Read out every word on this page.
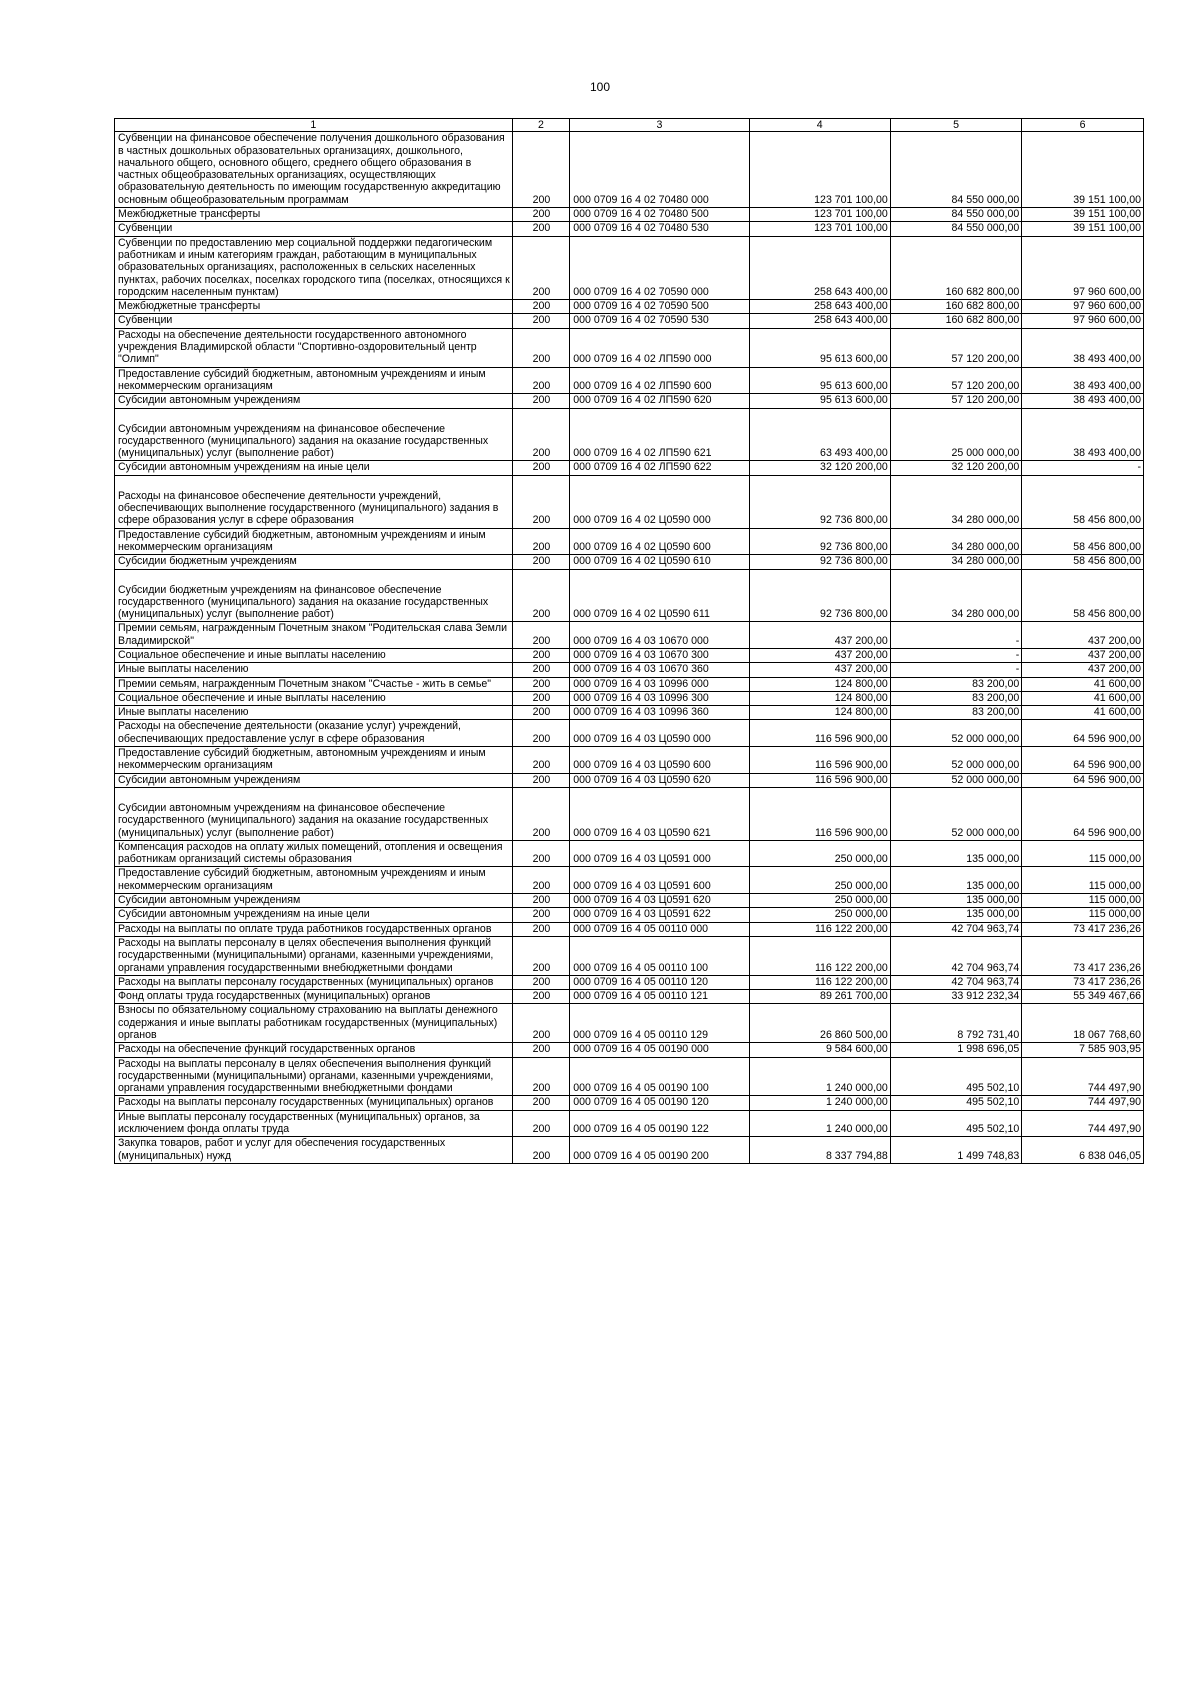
100
1	2	3	4	5	6
Субвенции на финансовое обеспечение получения дошкольного образования в частных дошкольных образовательных организациях, дошкольного, начального общего, основного общего, среднего общего образования в частных общеобразовательных организациях, осуществляющих образовательную деятельность по имеющим государственную аккредитацию основным общеобразовательным программам	200	000 0709 16 4 02 70480 000	123 701 100,00	84 550 000,00	39 151 100,00
Межбюджетные трансферты	200	000 0709 16 4 02 70480 500	123 701 100,00	84 550 000,00	39 151 100,00
Субвенции	200	000 0709 16 4 02 70480 530	123 701 100,00	84 550 000,00	39 151 100,00
Субвенции по предоставлению мер социальной поддержки педагогическим работникам и иным категориям граждан, работающим в муниципальных образовательных организациях, расположенных в сельских населенных пунктах, рабочих поселках, поселках городского типа (поселках, относящихся к городским населенным пунктам)	200	000 0709 16 4 02 70590 000	258 643 400,00	160 682 800,00	97 960 600,00
Межбюджетные трансферты	200	000 0709 16 4 02 70590 500	258 643 400,00	160 682 800,00	97 960 600,00
Субвенции	200	000 0709 16 4 02 70590 530	258 643 400,00	160 682 800,00	97 960 600,00
Расходы на обеспечение деятельности государственного автономного учреждения Владимирской области "Спортивно-оздоровительный центр "Олимп"	200	000 0709 16 4 02 ЛП590 000	95 613 600,00	57 120 200,00	38 493 400,00
Предоставление субсидий бюджетным, автономным учреждениям и иным некоммерческим организациям	200	000 0709 16 4 02 ЛП590 600	95 613 600,00	57 120 200,00	38 493 400,00
Субсидии автономным учреждениям	200	000 0709 16 4 02 ЛП590 620	95 613 600,00	57 120 200,00	38 493 400,00
Субсидии автономным учреждениям на финансовое обеспечение государственного (муниципального) задания на оказание государственных (муниципальных) услуг (выполнение работ)	200	000 0709 16 4 02 ЛП590 621	63 493 400,00	25 000 000,00	38 493 400,00
Субсидии автономным учреждениям на иные цели	200	000 0709 16 4 02 ЛП590 622	32 120 200,00	32 120 200,00	-
Расходы на финансовое обеспечение деятельности учреждений, обеспечивающих выполнение государственного (муниципального) задания в сфере образования услуг в сфере образования	200	000 0709 16 4 02 Ц0590 000	92 736 800,00	34 280 000,00	58 456 800,00
Предоставление субсидий бюджетным, автономным учреждениям и иным некоммерческим организациям	200	000 0709 16 4 02 Ц0590 600	92 736 800,00	34 280 000,00	58 456 800,00
Субсидии бюджетным учреждениям	200	000 0709 16 4 02 Ц0590 610	92 736 800,00	34 280 000,00	58 456 800,00
Субсидии бюджетным учреждениям на финансовое обеспечение государственного (муниципального) задания на оказание государственных (муниципальных) услуг (выполнение работ)	200	000 0709 16 4 02 Ц0590 611	92 736 800,00	34 280 000,00	58 456 800,00
Премии семьям, награжденным Почетным знаком "Родительская слава Земли Владимирской"	200	000 0709 16 4 03 10670 000	437 200,00	-	437 200,00
Социальное обеспечение и иные выплаты населению	200	000 0709 16 4 03 10670 300	437 200,00	-	437 200,00
Иные выплаты населению	200	000 0709 16 4 03 10670 360	437 200,00	-	437 200,00
Премии семьям, награжденным Почетным знаком "Счастье - жить в семье"	200	000 0709 16 4 03 10996 000	124 800,00	83 200,00	41 600,00
Социальное обеспечение и иные выплаты населению	200	000 0709 16 4 03 10996 300	124 800,00	83 200,00	41 600,00
Иные выплаты населению	200	000 0709 16 4 03 10996 360	124 800,00	83 200,00	41 600,00
Расходы на обеспечение деятельности (оказание услуг) учреждений, обеспечивающих предоставление услуг в сфере образования	200	000 0709 16 4 03 Ц0590 000	116 596 900,00	52 000 000,00	64 596 900,00
Предоставление субсидий бюджетным, автономным учреждениям и иным некоммерческим организациям	200	000 0709 16 4 03 Ц0590 600	116 596 900,00	52 000 000,00	64 596 900,00
Субсидии автономным учреждениям	200	000 0709 16 4 03 Ц0590 620	116 596 900,00	52 000 000,00	64 596 900,00
Субсидии автономным учреждениям на финансовое обеспечение государственного (муниципального) задания на оказание государственных (муниципальных) услуг (выполнение работ)	200	000 0709 16 4 03 Ц0590 621	116 596 900,00	52 000 000,00	64 596 900,00
Компенсация расходов на оплату жилых помещений, отопления и освещения работникам организаций системы образования	200	000 0709 16 4 03 Ц0591 000	250 000,00	135 000,00	115 000,00
Предоставление субсидий бюджетным, автономным учреждениям и иным некоммерческим организациям	200	000 0709 16 4 03 Ц0591 600	250 000,00	135 000,00	115 000,00
Субсидии автономным учреждениям	200	000 0709 16 4 03 Ц0591 620	250 000,00	135 000,00	115 000,00
Субсидии автономным учреждениям на иные цели	200	000 0709 16 4 03 Ц0591 622	250 000,00	135 000,00	115 000,00
Расходы на выплаты по оплате труда работников государственных органов	200	000 0709 16 4 05 00110 000	116 122 200,00	42 704 963,74	73 417 236,26
Расходы на выплаты персоналу в целях обеспечения выполнения функций государственными (муниципальными) органами, казенными учреждениями, органами управления государственными внебюджетными фондами	200	000 0709 16 4 05 00110 100	116 122 200,00	42 704 963,74	73 417 236,26
Расходы на выплаты персоналу государственных (муниципальных) органов	200	000 0709 16 4 05 00110 120	116 122 200,00	42 704 963,74	73 417 236,26
Фонд оплаты труда государственных (муниципальных) органов	200	000 0709 16 4 05 00110 121	89 261 700,00	33 912 232,34	55 349 467,66
Взносы по обязательному социальному страхованию на выплаты денежного содержания и иные выплаты работникам государственных (муниципальных) органов	200	000 0709 16 4 05 00110 129	26 860 500,00	8 792 731,40	18 067 768,60
Расходы на обеспечение функций государственных органов	200	000 0709 16 4 05 00190 000	9 584 600,00	1 998 696,05	7 585 903,95
Расходы на выплаты персоналу в целях обеспечения выполнения функций государственными (муниципальными) органами, казенными учреждениями, органами управления государственными внебюджетными фондами	200	000 0709 16 4 05 00190 100	1 240 000,00	495 502,10	744 497,90
Расходы на выплаты персоналу государственных (муниципальных) органов	200	000 0709 16 4 05 00190 120	1 240 000,00	495 502,10	744 497,90
Иные выплаты персоналу государственных (муниципальных) органов, за исключением фонда оплаты труда	200	000 0709 16 4 05 00190 122	1 240 000,00	495 502,10	744 497,90
Закупка товаров, работ и услуг для обеспечения государственных (муниципальных) нужд	200	000 0709 16 4 05 00190 200	8 337 794,88	1 499 748,83	6 838 046,05
